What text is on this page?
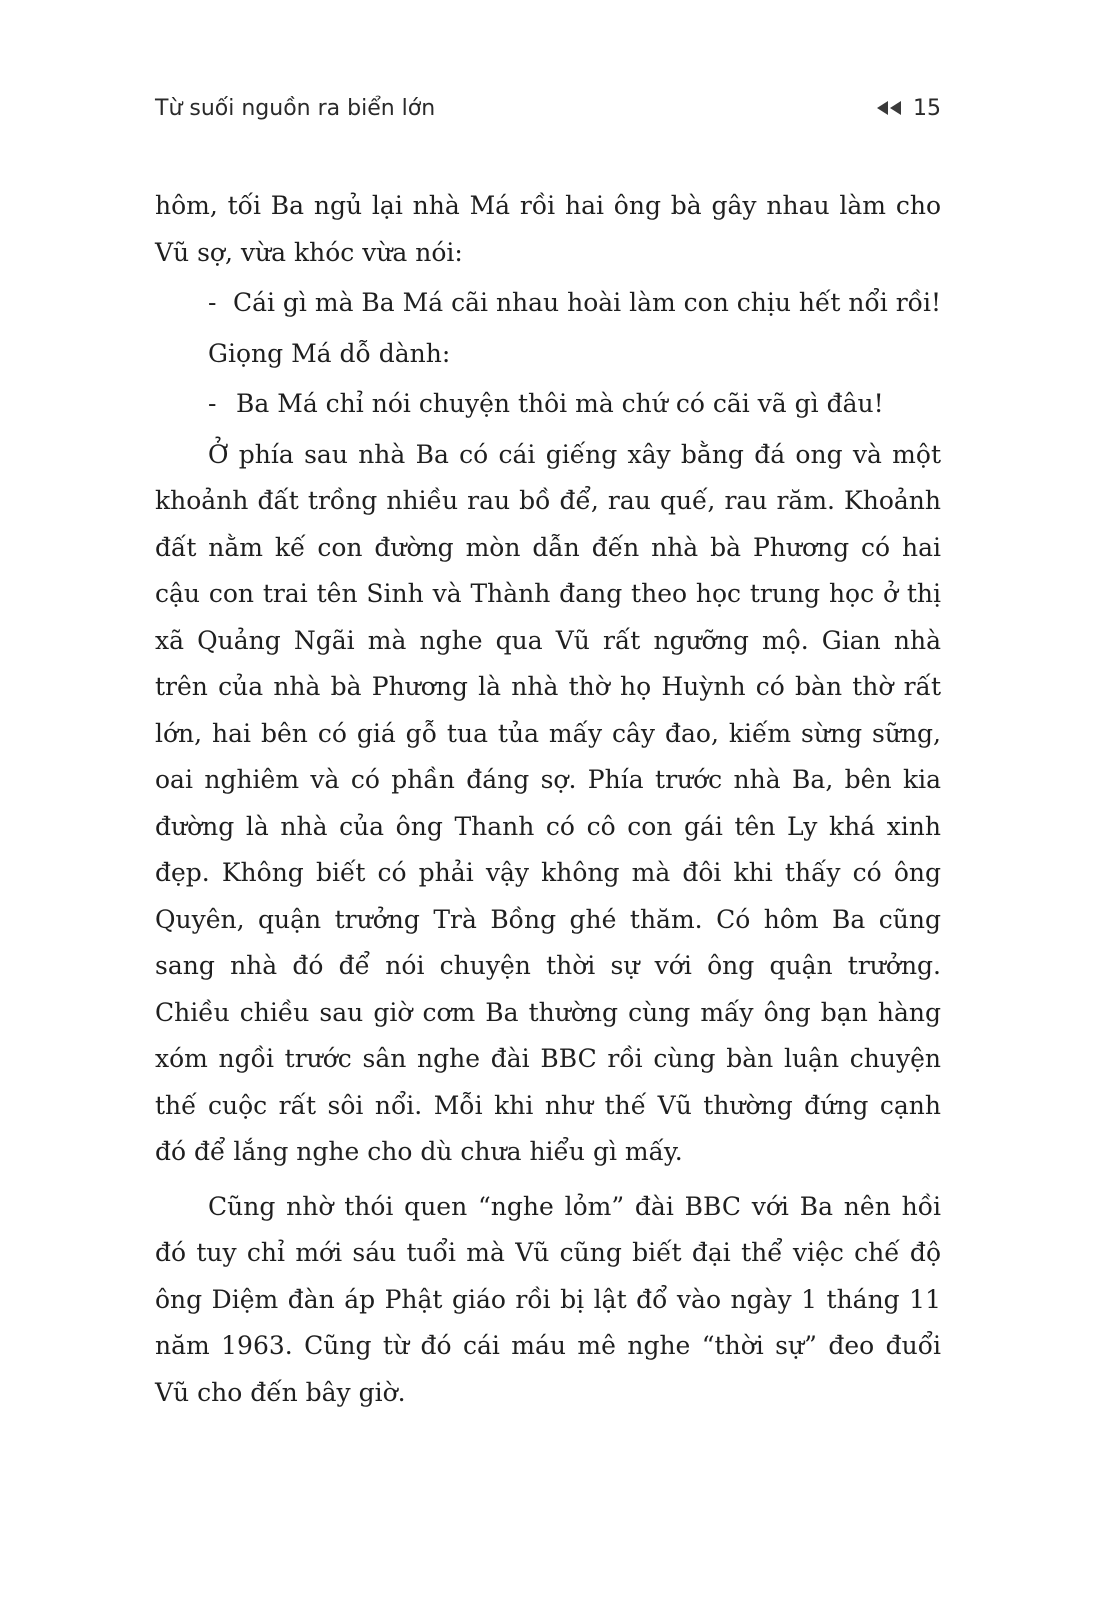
Từ suối nguồn ra biển lớn	15

hôm, tối Ba ngủ lại nhà Má rồi hai ông bà gây nhau làm cho
Vũ sợ, vừa khóc vừa nói:

- Cái gì mà Ba Má cãi nhau hoài làm con chịu hết nổi rồi!

Giọng Má dỗ dành:

- Ba Má chỉ nói chuyện thôi mà chứ có cãi vã gì đâu!

Ở phía sau nhà Ba có cái giếng xây bằng đá ong và một
khoảnh đất trồng nhiều rau bồ để, rau quế, rau răm. Khoảnh
đất nằm kế con đường mòn dẫn đến nhà bà Phương có hai
cậu con trai tên Sinh và Thành đang theo học trung học ở thị
xã Quảng Ngãi mà nghe qua Vũ rất ngưỡng mộ. Gian nhà
trên của nhà bà Phương là nhà thờ họ Huỳnh có bàn thờ rất
lớn, hai bên có giá gỗ tua tủa mấy cây đao, kiếm sừng sững,
oai nghiêm và có phần đáng sợ. Phía trước nhà Ba, bên kia
đường là nhà của ông Thanh có cô con gái tên Ly khá xinh
đẹp. Không biết có phải vậy không mà đôi khi thấy có ông
Quyên, quận trưởng Trà Bồng ghé thăm. Có hôm Ba cũng
sang nhà đó để nói chuyện thời sự với ông quận trưởng.
Chiều chiều sau giờ cơm Ba thường cùng mấy ông bạn hàng
xóm ngồi trước sân nghe đài BBC rồi cùng bàn luận chuyện
thế cuộc rất sôi nổi. Mỗi khi như thế Vũ thường đứng cạnh
đó để lắng nghe cho dù chưa hiểu gì mấy.

Cũng nhờ thói quen “nghe lỏm” đài BBC với Ba nên hồi
đó tuy chỉ mới sáu tuổi mà Vũ cũng biết đại thể việc chế độ
ông Diệm đàn áp Phật giáo rồi bị lật đổ vào ngày 1 tháng 11
năm 1963. Cũng từ đó cái máu mê nghe “thời sự” đeo đuổi
Vũ cho đến bây giờ.
